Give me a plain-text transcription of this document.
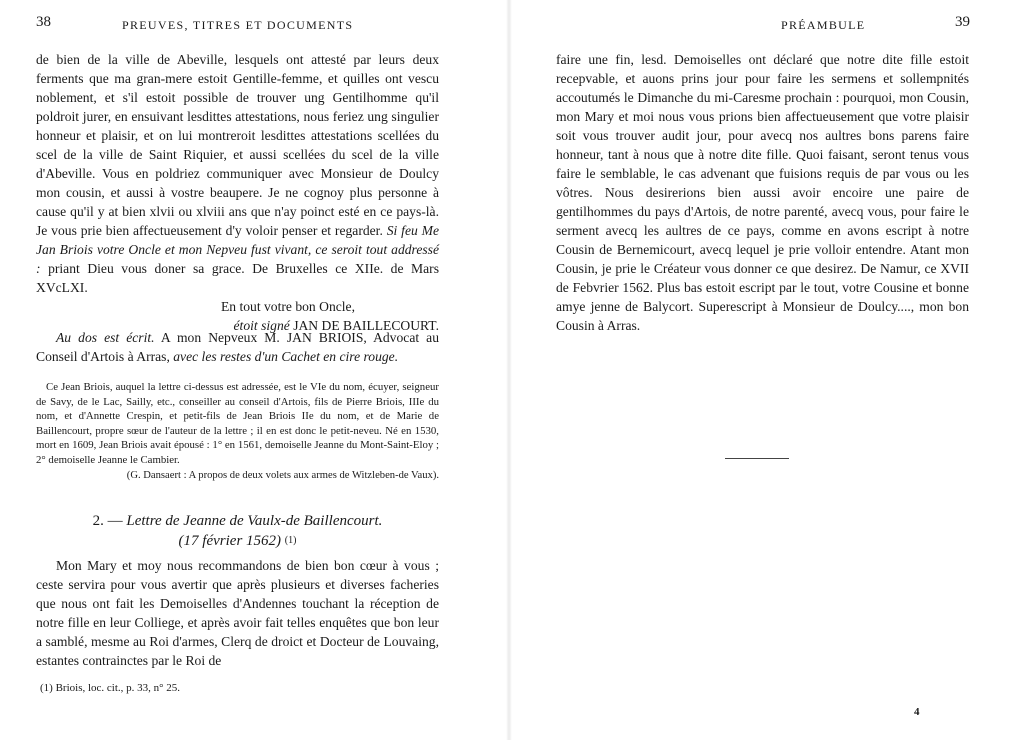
38	PREUVES, TITRES ET DOCUMENTS

de bien de la ville de Abeville, lesquels ont attesté par leurs deux ferments que ma gran-mere estoit Gentille-femme, et quilles ont vescu noblement, et s'il estoit possible de trouver ung Gentilhomme qu'il poldroit jurer, en ensuivant lesdittes attestations, nous feriez ung singulier honneur et plaisir, et on lui montreroit lesdittes attestations scellées du scel de la ville de Saint Riquier, et aussi scellées du scel de la ville d'Abeville. Vous en poldriez communiquer avec Monsieur de Doulcy mon cousin, et aussi à vostre beaupere. Je ne cognoy plus personne à cause qu'il y at bien xlvii ou xlviii ans que n'ay poinct esté en ce pays-là. Je vous prie bien affectueusement d'y voloir penser et regarder. Si feu Me Jan Briois votre Oncle et mon Nepveu fust vivant, ce seroit tout addressé : priant Dieu vous doner sa grace. De Bruxelles ce XIIe. de Mars XVcLXI.

En tout votre bon Oncle,

étoit signé JAN DE BAILLECOURT.

Au dos est écrit. A mon Nepveux M. JAN BRIOIS, Advocat au Conseil d'Artois à Arras, avec les restes d'un Cachet en cire rouge.

Ce Jean Briois, auquel la lettre ci-dessus est adressée, est le VIe du nom, écuyer, seigneur de Savy, de le Lac, Sailly, etc., conseiller au conseil d'Artois, fils de Pierre Briois, IIIe du nom, et d'Annette Crespin, et petit-fils de Jean Briois IIe du nom, et de Marie de Baillencourt, propre sœur de l'auteur de la lettre ; il en est donc le petit-neveu. Né en 1530, mort en 1609, Jean Briois avait épousé : 1° en 1561, demoiselle Jeanne du Mont-Saint-Eloy ; 2° demoiselle Jeanne le Cambier.

(G. Dansaert : A propos de deux volets aux armes de Witzleben-de Vaux).

2. — Lettre de Jeanne de Vaulx-de Baillencourt.
(17 février 1562) (1)

Mon Mary et moy nous recommandons de bien bon cœur à vous ; ceste servira pour vous avertir que après plusieurs et diverses facheries que nous ont fait les Demoiselles d'Andennes touchant la réception de notre fille en leur Colliege, et après avoir fait telles enquêtes que bon leur a samblé, mesme au Roi d'armes, Clerq de droict et Docteur de Louvaing, estantes contrainctes par le Roi de

(1) Briois, loc. cit., p. 33, n° 25.
PRÉAMBULE	39

faire une fin, lesd. Demoiselles ont déclaré que notre dite fille estoit recepvable, et auons prins jour pour faire les sermens et sollempnités accoutumés le Dimanche du mi-Caresme prochain : pourquoi, mon Cousin, mon Mary et moi nous vous prions bien affectueusement que votre plaisir soit vous trouver audit jour, pour avecq nos aultres bons parens faire honneur, tant à nous que à notre dite fille. Quoi faisant, seront tenus vous faire le semblable, le cas advenant que fuisions requis de par vous ou les vôtres. Nous desirerions bien aussi avoir encoire une paire de gentilhommes du pays d'Artois, de notre parenté, avecq vous, pour faire le serment avecq les aultres de ce pays, comme en avons escript à notre Cousin de Bernemicourt, avecq lequel je prie volloir entendre. Atant mon Cousin, je prie le Créateur vous donner ce que desirez. De Namur, ce XVII de Febvrier 1562. Plus bas estoit escript par le tout, votre Cousine et bonne amye jenne de Balycort. Superescript à Monsieur de Doulcy...., mon bon Cousin à Arras.

4
